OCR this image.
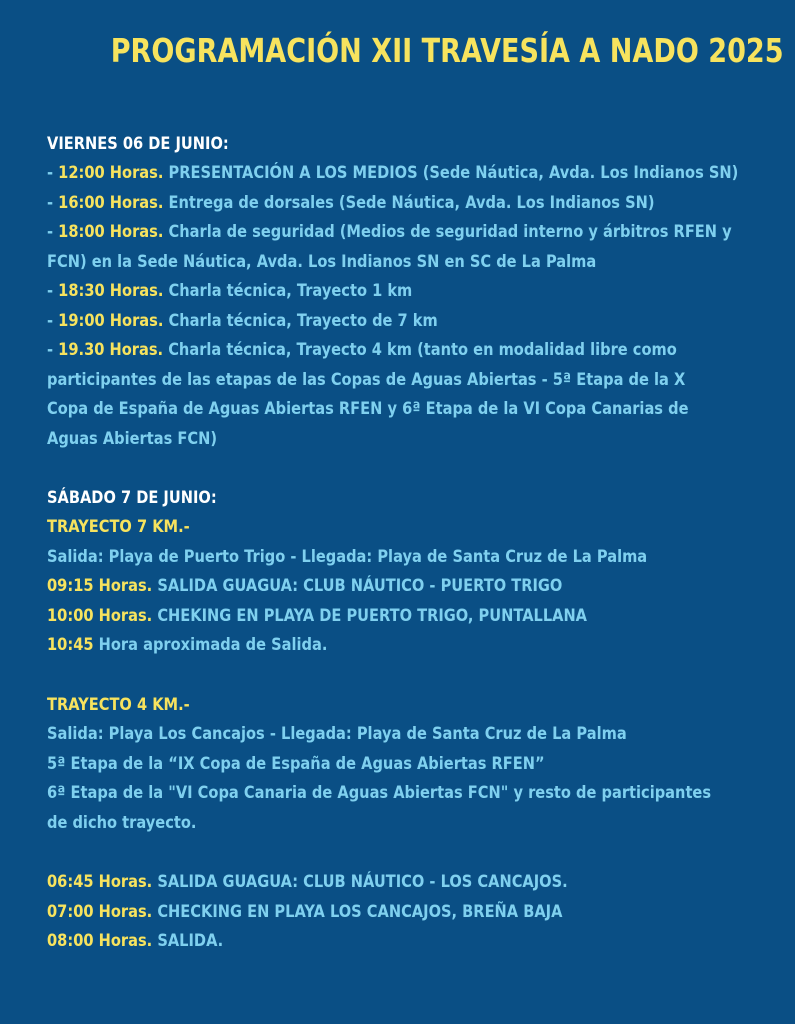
PROGRAMACIÓN XII TRAVESÍA A NADO 2025
VIERNES 06 DE JUNIO:
- 12:00 Horas. PRESENTACIÓN A LOS MEDIOS (Sede Náutica, Avda. Los Indianos SN)
- 16:00 Horas. Entrega de dorsales (Sede Náutica, Avda. Los Indianos SN)
- 18:00 Horas. Charla de seguridad (Medios de seguridad interno y árbitros RFEN y
FCN) en la Sede Náutica, Avda. Los Indianos SN en SC de La Palma
- 18:30 Horas. Charla técnica, Trayecto 1 km
- 19:00 Horas. Charla técnica, Trayecto de 7 km
- 19.30 Horas. Charla técnica, Trayecto 4 km (tanto en modalidad libre como
participantes de las etapas de las Copas de Aguas Abiertas - 5ª Etapa de la X
Copa de España de Aguas Abiertas RFEN y 6ª Etapa de la VI Copa Canarias de
Aguas Abiertas FCN)
SÁBADO 7 DE JUNIO:
TRAYECTO 7 KM.-
Salida: Playa de Puerto Trigo - Llegada: Playa de Santa Cruz de La Palma
09:15 Horas. SALIDA GUAGUA: CLUB NÁUTICO - PUERTO TRIGO
10:00 Horas. CHEKING EN PLAYA DE PUERTO TRIGO, PUNTALLANA
10:45 Hora aproximada de Salida.
TRAYECTO 4 KM.-
Salida: Playa Los Cancajos - Llegada: Playa de Santa Cruz de La Palma
5ª Etapa de la “IX Copa de España de Aguas Abiertas RFEN”
6ª Etapa de la "VI Copa Canaria de Aguas Abiertas FCN" y resto de participantes
de dicho trayecto.
06:45 Horas. SALIDA GUAGUA: CLUB NÁUTICO - LOS CANCAJOS.
07:00 Horas. CHECKING EN PLAYA LOS CANCAJOS, BREÑA BAJA
08:00 Horas. SALIDA.
